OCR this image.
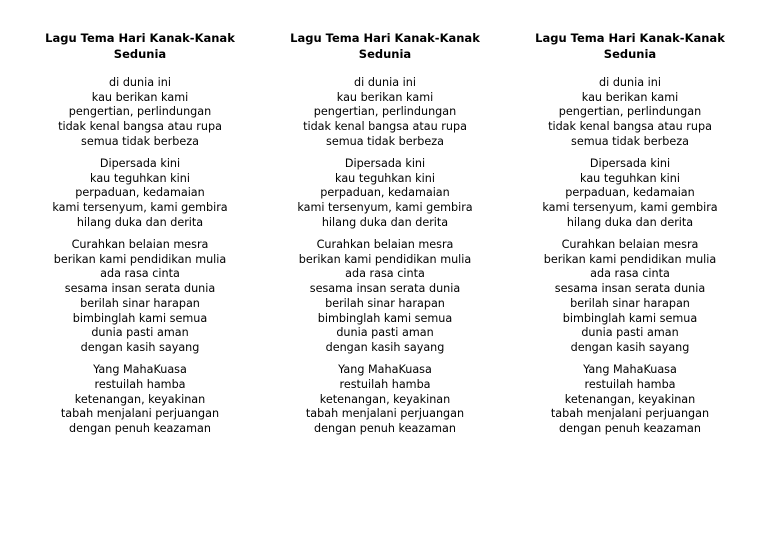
Lagu Tema Hari Kanak-Kanak
Sedunia
di dunia ini
kau berikan kami
pengertian, perlindungan
tidak kenal bangsa atau rupa
semua tidak berbeza
Dipersada kini
kau teguhkan kini
perpaduan, kedamaian
kami tersenyum, kami gembira
hilang duka dan derita
Curahkan belaian mesra
berikan kami pendidikan mulia
ada rasa cinta
sesama insan serata dunia
berilah sinar harapan
bimbinglah kami semua
dunia pasti aman
dengan kasih sayang
Yang MahaKuasa
restuilah hamba
ketenangan, keyakinan
tabah menjalani perjuangan
dengan penuh keazaman
Lagu Tema Hari Kanak-Kanak
Sedunia
di dunia ini
kau berikan kami
pengertian, perlindungan
tidak kenal bangsa atau rupa
semua tidak berbeza
Dipersada kini
kau teguhkan kini
perpaduan, kedamaian
kami tersenyum, kami gembira
hilang duka dan derita
Curahkan belaian mesra
berikan kami pendidikan mulia
ada rasa cinta
sesama insan serata dunia
berilah sinar harapan
bimbinglah kami semua
dunia pasti aman
dengan kasih sayang
Yang MahaKuasa
restuilah hamba
ketenangan, keyakinan
tabah menjalani perjuangan
dengan penuh keazaman
Lagu Tema Hari Kanak-Kanak
Sedunia
di dunia ini
kau berikan kami
pengertian, perlindungan
tidak kenal bangsa atau rupa
semua tidak berbeza
Dipersada kini
kau teguhkan kini
perpaduan, kedamaian
kami tersenyum, kami gembira
hilang duka dan derita
Curahkan belaian mesra
berikan kami pendidikan mulia
ada rasa cinta
sesama insan serata dunia
berilah sinar harapan
bimbinglah kami semua
dunia pasti aman
dengan kasih sayang
Yang MahaKuasa
restuilah hamba
ketenangan, keyakinan
tabah menjalani perjuangan
dengan penuh keazaman
